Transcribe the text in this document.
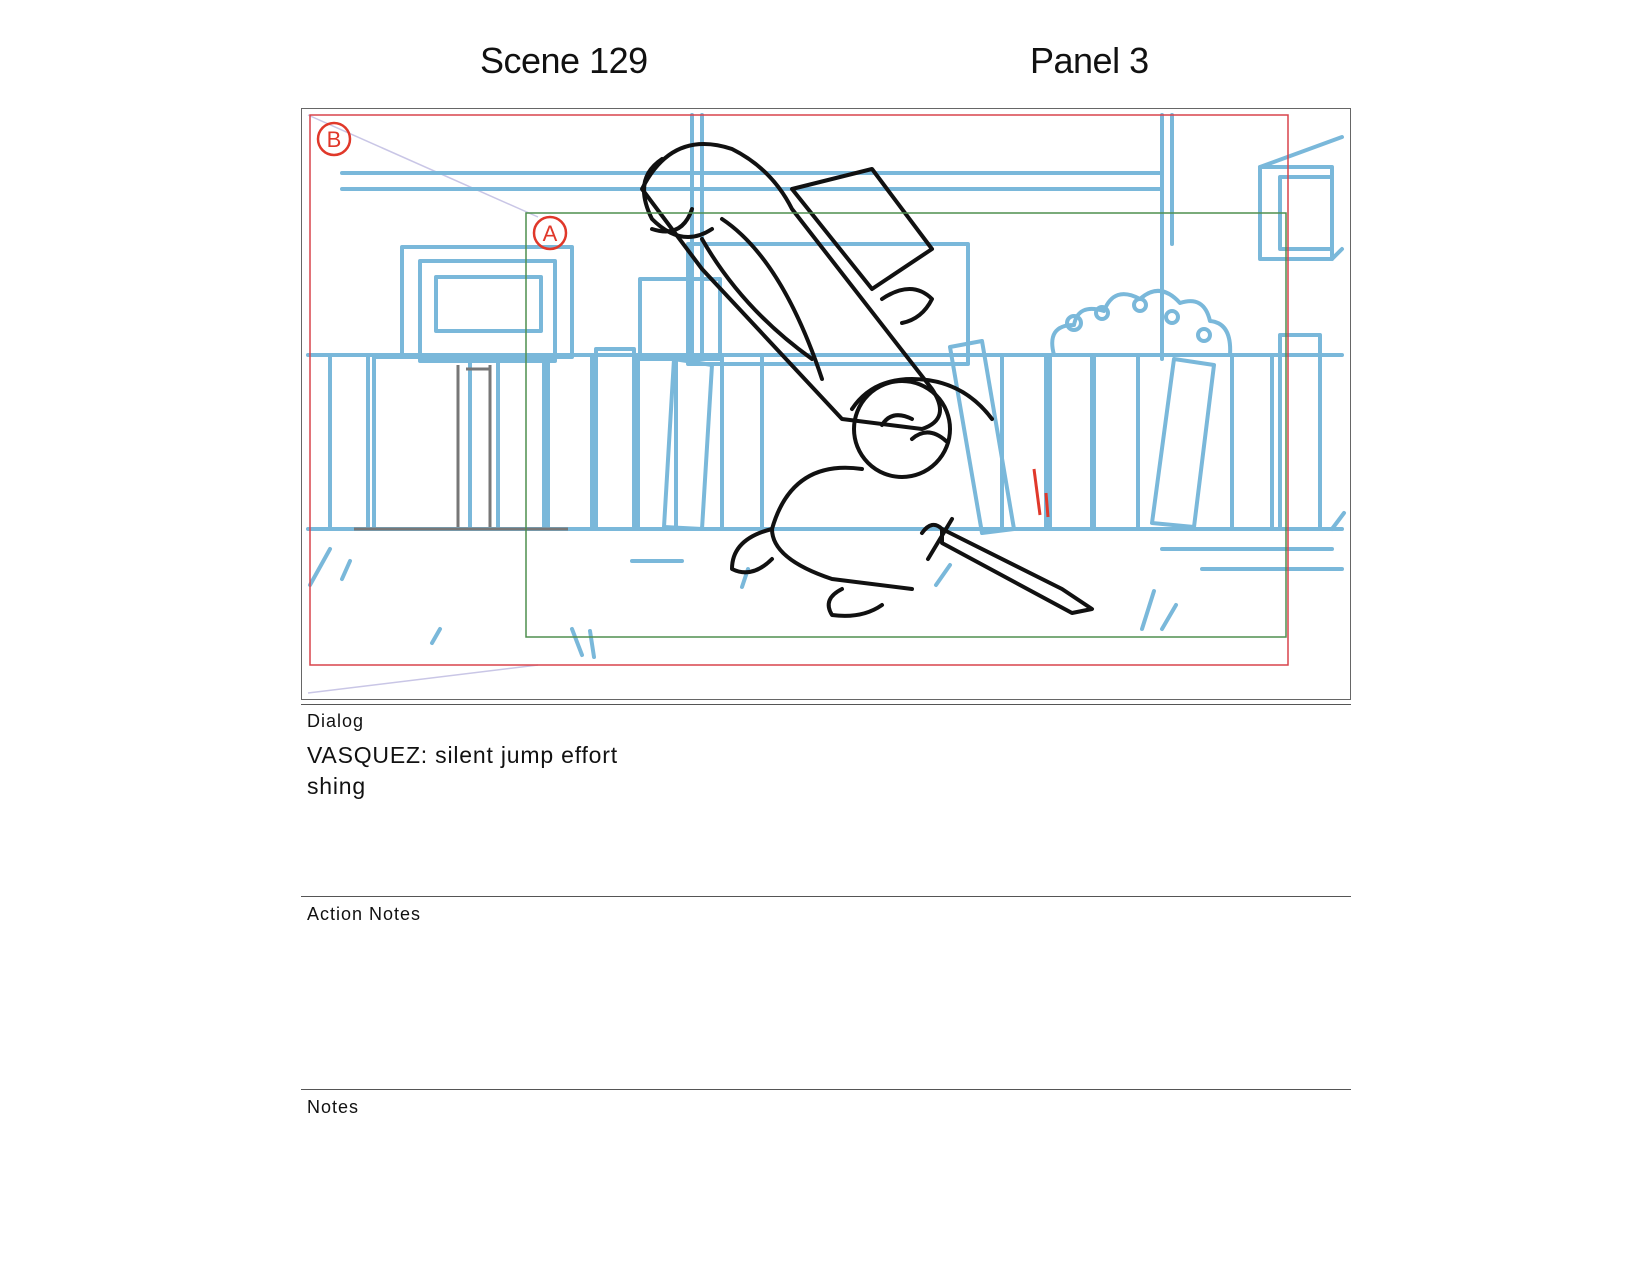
Scene 129	Panel 3
B
A
Dialog
VASQUEZ: silent jump effort
shing
Action Notes
Notes
